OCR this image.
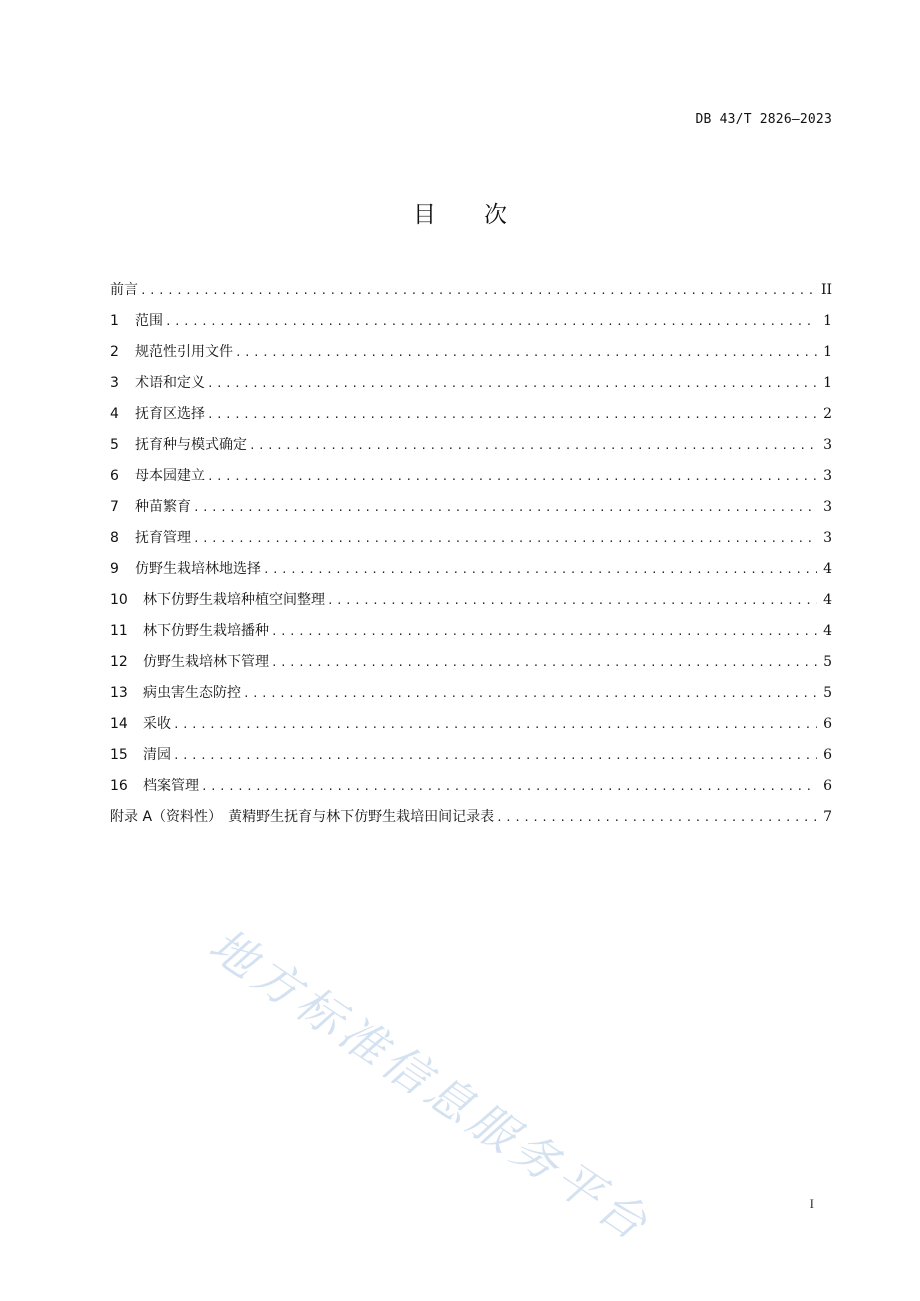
DB 43/T 2826—2023
目次
前言 .....	II
1	范围 .....	1
2	规范性引用文件 .....	1
3	术语和定义 .....	1
4	抚育区选择 .....	2
5	抚育种与模式确定 .....	3
6	母本园建立 .....	3
7	种苗繁育 .....	3
8	抚育管理 .....	3
9	仿野生栽培林地选择 .....	4
10	林下仿野生栽培种植空间整理 .....	4
11	林下仿野生栽培播种 .....	4
12	仿野生栽培林下管理 .....	5
13	病虫害生态防控 .....	5
14	采收 .....	6
15	清园 .....	6
16	档案管理 .....	6
附录 A（资料性） 黄精野生抚育与林下仿野生栽培田间记录表 .....	7
地方标准信息服务平台	I
